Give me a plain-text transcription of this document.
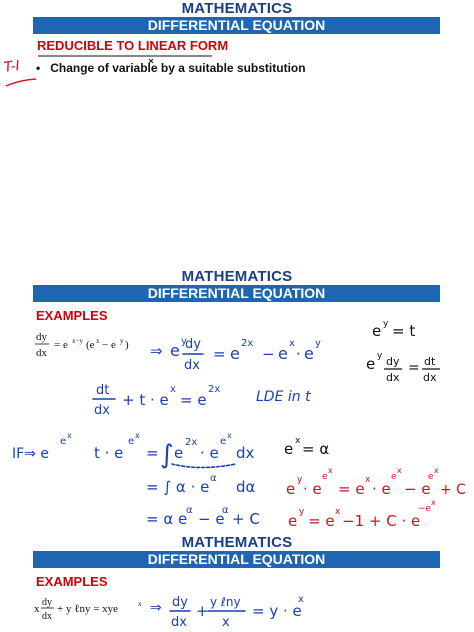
MATHEMATICS
DIFFERENTIAL EQUATION
REDUCIBLE TO LINEAR FORM
T-I • Change of variable by a suitable substitution
MATHEMATICS
DIFFERENTIAL EQUATION
EXAMPLES
dy
dx
= e x−y (e x − e y ) ⇒ e y
dy
dx
= e
2x
− e
x
· e
y
e y = t
e y dy
dx
= dt
dx
dt
dx
+ t · e
x
= e
2x	LDE in t
IF⇒ e
e
x
t · e
e
x
= ∫ e
2x
· e
e
x
dx e x = α
= ∫ α · e α dα
= α e
α − e
α + C
e y · e
e
x
= e x · e
e
x
− e
e
x
+ C
e y = e x −1 + C · e
−e
x
MATHEMATICS
DIFFERENTIAL EQUATION
EXAMPLES
x
dy
dx
+ y ℓny = xye	x ⇒ dy
dx
+ y ℓny
x
= y · e
x
